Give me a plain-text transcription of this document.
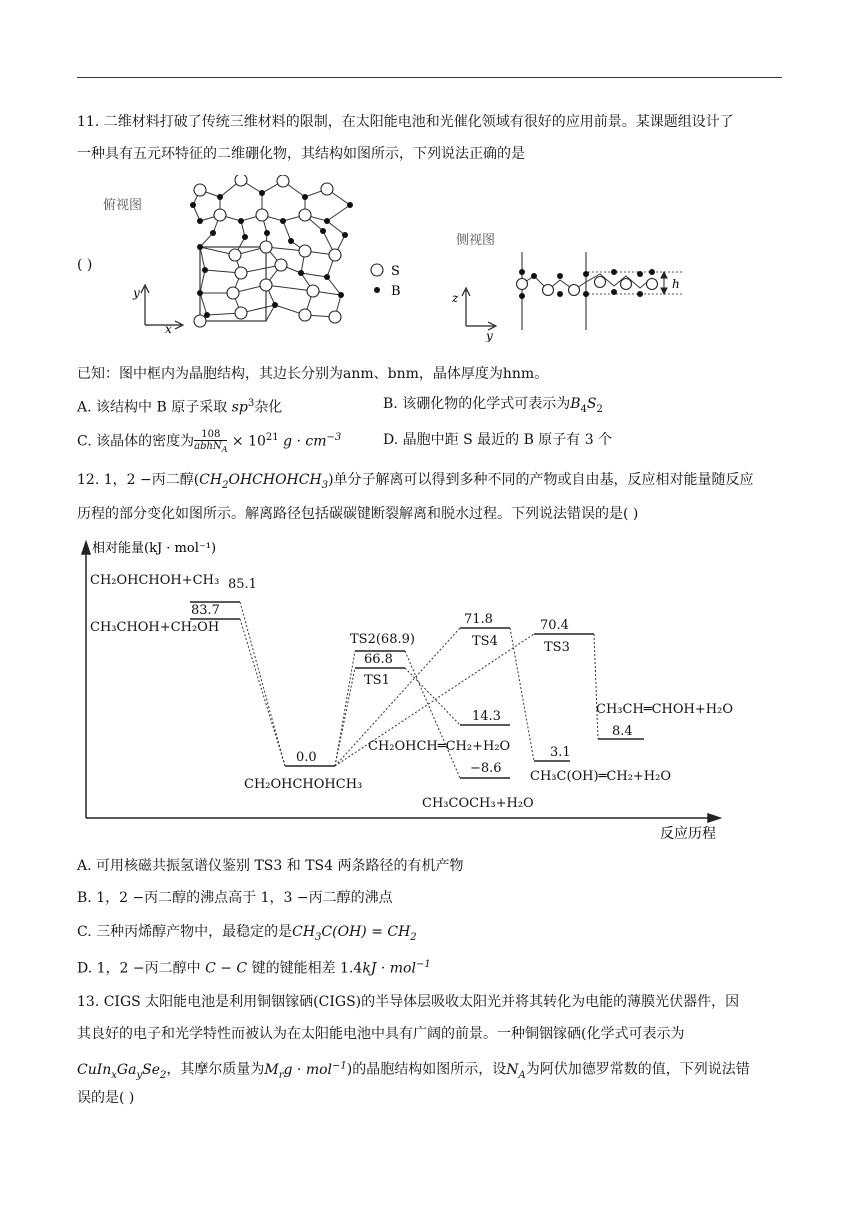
11. 二维材料打破了传统三维材料的限制，在太阳能电池和光催化领域有很好的应用前景。某课题组设计了
一种具有五元环特征的二维硼化物，其结构如图所示，下列说法正确的是
( )
俯视图
y
x
S
B
侧视图
z
y
h
已知：图中框内为晶胞结构，其边长分别为anm、bnm，晶体厚度为hnm。
A. 该结构中 B 原子采取 $sp^3$杂化	B. 该硼化物的化学式可表示为$B_4S_2$
C. 该晶体的密度为 $\frac{108}{abhN_A} \times 10^{21}$ $g \cdot cm^{-3}$	D. 晶胞中距 S 最近的 B 原子有 3 个
12. 1，2 −丙二醇$(CH_2OHCHOHCH_3)$单分子解离可以得到多种不同的产物或自由基，反应相对能量随反应
历程的部分变化如图所示。解离路径包括碳碳键断裂解离和脱水过程。下列说法错误的是( )
相对能量(kJ · mol⁻¹)
反应历程
CH₂OHCHOH+CH₃ 85.1
83.7
CH₃CHOH+CH₂OH
0.0
CH₂OHCHOHCH₃
TS2(68.9)
66.8
TS1
71.8
TS4
70.4
TS3
14.3
CH₂OHCH═CH₂+H₂O
−8.6
CH₃COCH₃+H₂O
3.1
CH₃C(OH)═CH₂+H₂O
CH₃CH═CHOH+H₂O
8.4
A. 可用核磁共振氢谱仪鉴别 TS3 和 TS4 两条路径的有机产物
B. 1，2 −丙二醇的沸点高于 1，3 −丙二醇的沸点
C. 三种丙烯醇产物中，最稳定的是$CH_3C(OH) = CH_2$
D. 1，2 −丙二醇中 C − C 键的键能相差 1.4kJ · mol$^{-1}$
13. CIGS 太阳能电池是利用铜铟镓硒(CIGS)的半导体层吸收太阳光并将其转化为电能的薄膜光伏器件，因
其良好的电子和光学特性而被认为在太阳能电池中具有广阔的前景。一种铜铟镓硒(化学式可表示为
$CuIn_xGa_ySe_2$，其摩尔质量为$M_rg \cdot mol^{-1}$)的晶胞结构如图所示，设$N_A$为阿伏加德罗常数的值，下列说法错
误的是( )
